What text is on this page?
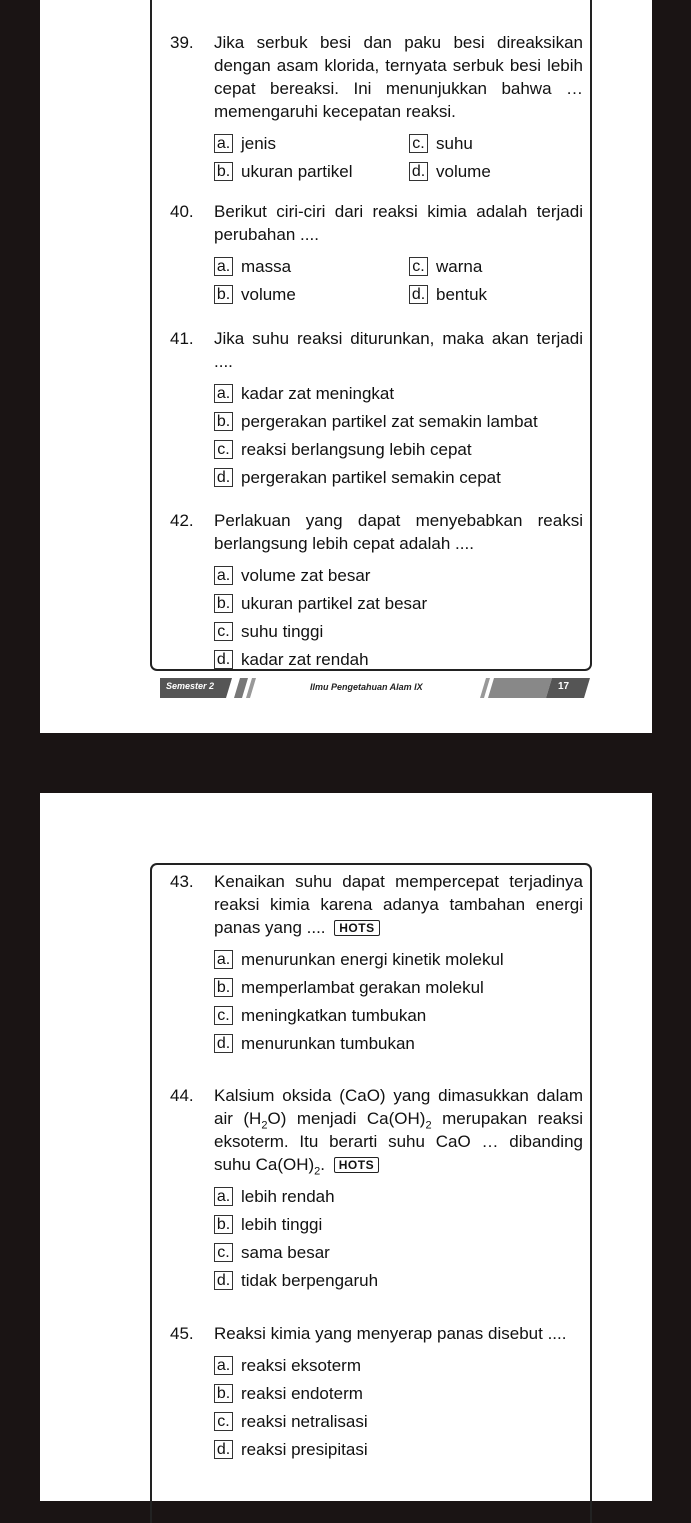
39.	Jika serbuk besi dan paku besi direaksikan dengan asam klorida, ternyata serbuk besi lebih cepat bereaksi. Ini menunjukkan bahwa … memengaruhi kecepatan reaksi.
a. jenis	c. suhu
b. ukuran partikel	d. volume
40.	Berikut ciri-ciri dari reaksi kimia adalah terjadi perubahan ....
a. massa	c. warna
b. volume	d. bentuk
41.	Jika suhu reaksi diturunkan, maka akan terjadi ....
a. kadar zat meningkat
b. pergerakan partikel zat semakin lambat
c. reaksi berlangsung lebih cepat
d. pergerakan partikel semakin cepat
42.	Perlakuan yang dapat menyebabkan reaksi berlangsung lebih cepat adalah ....
a. volume zat besar
b. ukuran partikel zat besar
c. suhu tinggi
d. kadar zat rendah
Semester 2	Ilmu Pengetahuan Alam IX	17
43.	Kenaikan suhu dapat mempercepat terjadinya reaksi kimia karena adanya tambahan energi panas yang .... HOTS
a. menurunkan energi kinetik molekul
b. memperlambat gerakan molekul
c. meningkatkan tumbukan
d. menurunkan tumbukan
44.	Kalsium oksida (CaO) yang dimasukkan dalam air $(H_2O)$ menjadi $Ca(OH)_2$ merupakan reaksi eksoterm. Itu berarti suhu CaO … dibanding suhu $Ca(OH)_2$. HOTS
a. lebih rendah
b. lebih tinggi
c. sama besar
d. tidak berpengaruh
45.	Reaksi kimia yang menyerap panas disebut ....
a. reaksi eksoterm
b. reaksi endoterm
c. reaksi netralisasi
d. reaksi presipitasi
